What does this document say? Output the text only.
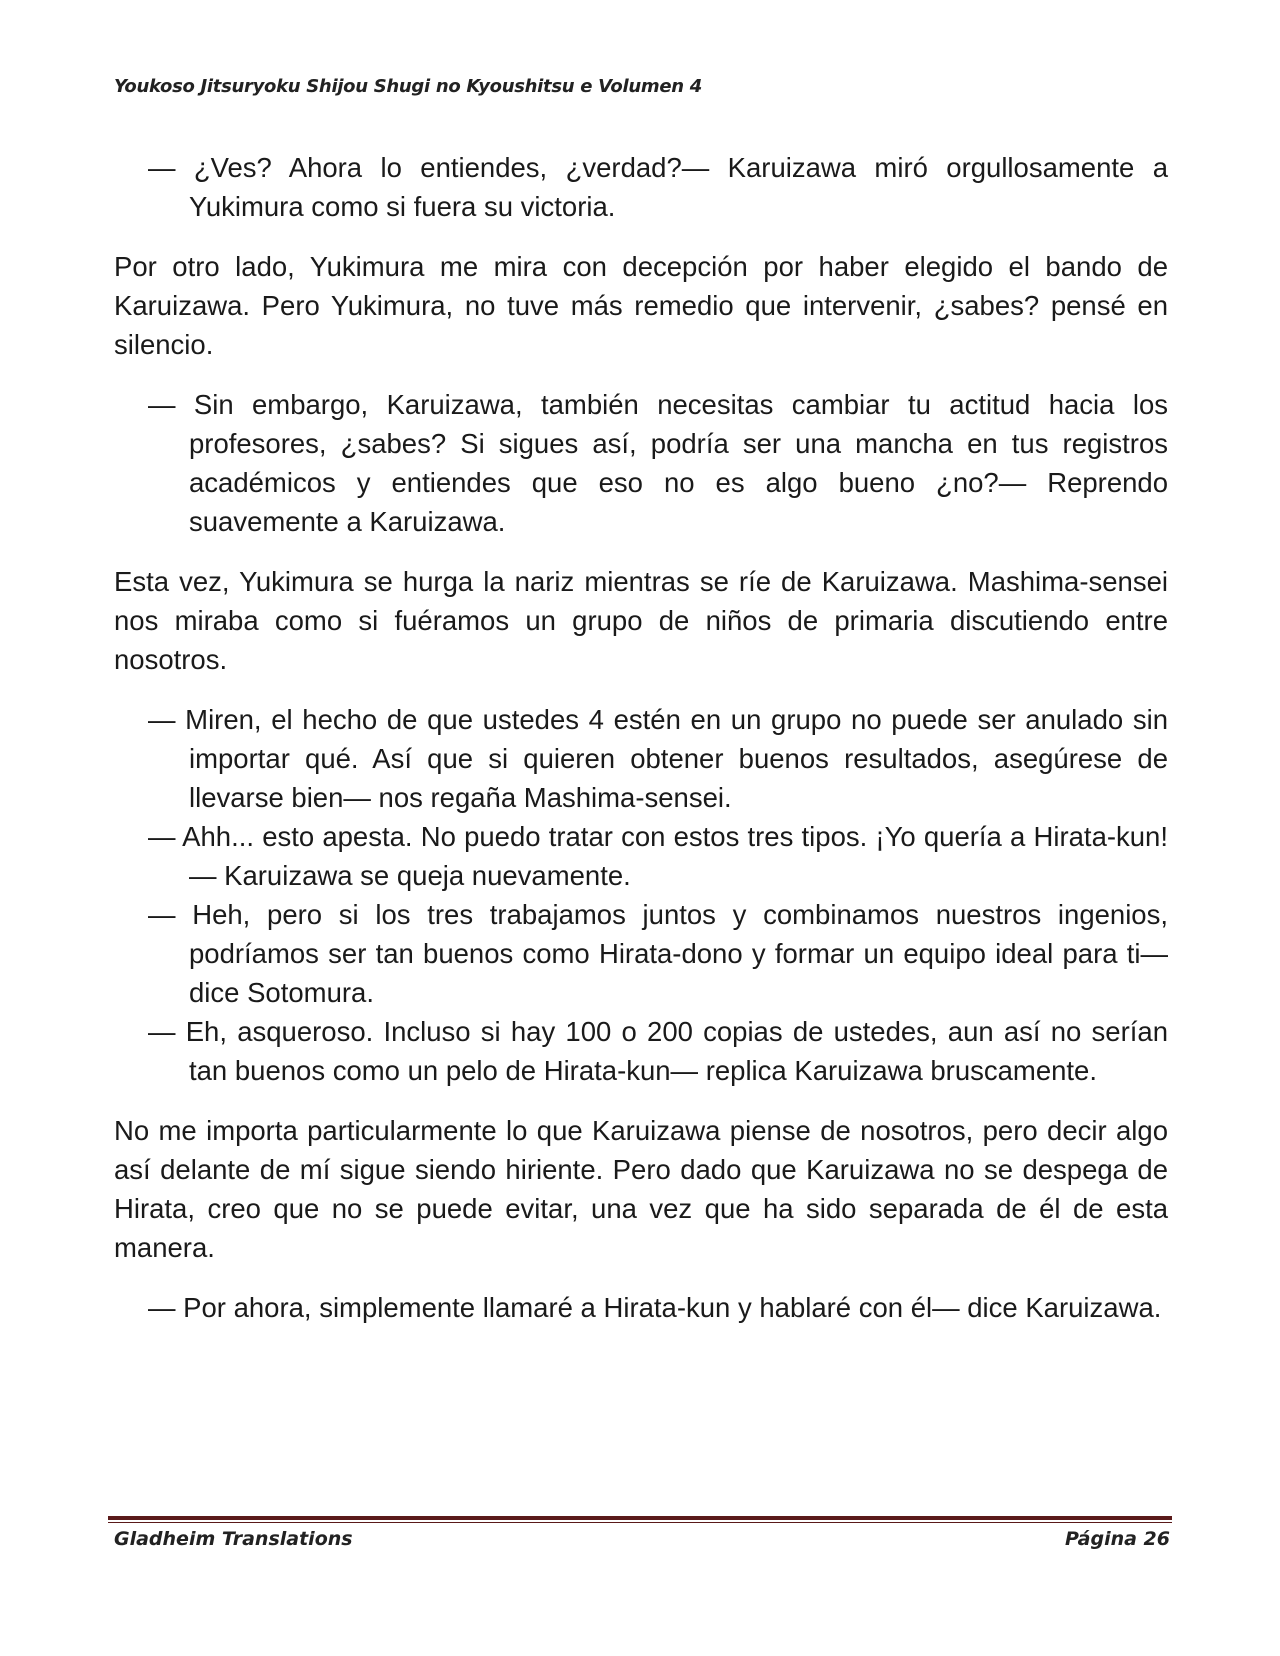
Youkoso Jitsuryoku Shijou Shugi no Kyoushitsu e Volumen 4
— ¿Ves? Ahora lo entiendes, ¿verdad?— Karuizawa miró orgullosamente a Yukimura como si fuera su victoria.

Por otro lado, Yukimura me mira con decepción por haber elegido el bando de Karuizawa. Pero Yukimura, no tuve más remedio que intervenir, ¿sabes? pensé en silencio.

— Sin embargo, Karuizawa, también necesitas cambiar tu actitud hacia los profesores, ¿sabes? Si sigues así, podría ser una mancha en tus registros académicos y entiendes que eso no es algo bueno ¿no?— Reprendo suavemente a Karuizawa.

Esta vez, Yukimura se hurga la nariz mientras se ríe de Karuizawa. Mashima-sensei nos miraba como si fuéramos un grupo de niños de primaria discutiendo entre nosotros.

— Miren, el hecho de que ustedes 4 estén en un grupo no puede ser anulado sin importar qué. Así que si quieren obtener buenos resultados, asegúrese de llevarse bien— nos regaña Mashima-sensei.
— Ahh... esto apesta. No puedo tratar con estos tres tipos. ¡Yo quería a Hirata-kun!— Karuizawa se queja nuevamente.
— Heh, pero si los tres trabajamos juntos y combinamos nuestros ingenios, podríamos ser tan buenos como Hirata-dono y formar un equipo ideal para ti— dice Sotomura.
— Eh, asqueroso. Incluso si hay 100 o 200 copias de ustedes, aun así no serían tan buenos como un pelo de Hirata-kun— replica Karuizawa bruscamente.

No me importa particularmente lo que Karuizawa piense de nosotros, pero decir algo así delante de mí sigue siendo hiriente. Pero dado que Karuizawa no se despega de Hirata, creo que no se puede evitar, una vez que ha sido separada de él de esta manera.

— Por ahora, simplemente llamaré a Hirata-kun y hablaré con él— dice Karuizawa.
Gladheim Translations	Página 26
